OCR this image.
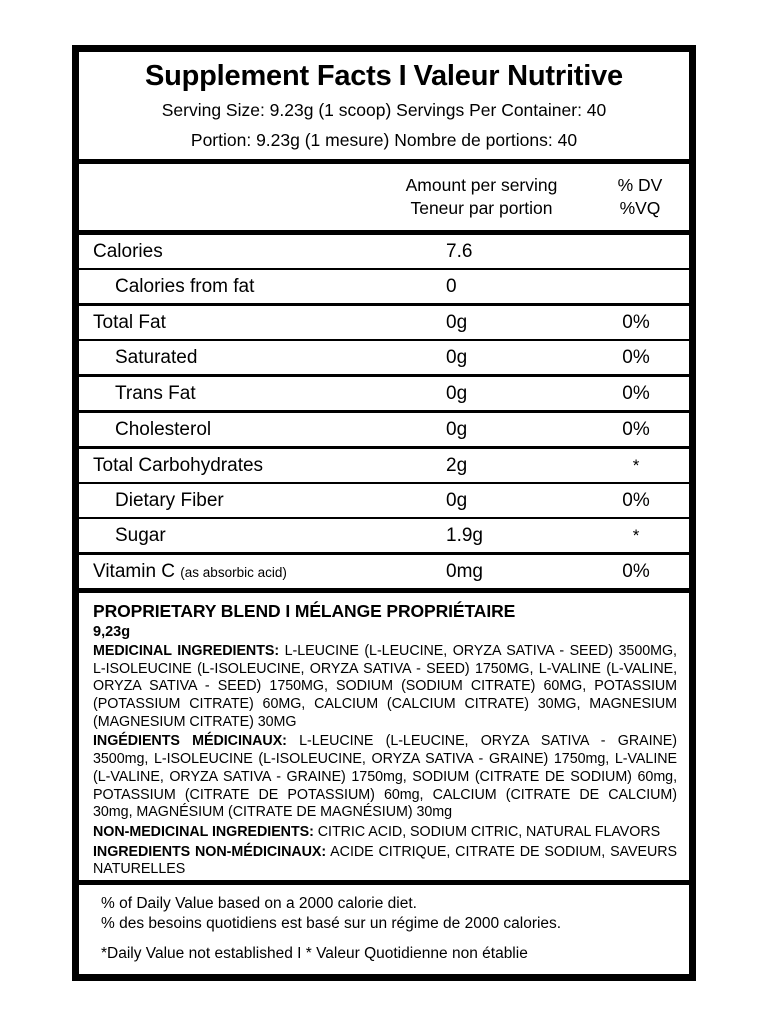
Supplement Facts I Valeur Nutritive
Serving Size: 9.23g (1 scoop) Servings Per Container: 40
Portion: 9.23g (1 mesure) Nombre de portions: 40

Amount per serving
Teneur par portion

% DV
%VQ

Calories	7.6	
Calories from fat	0	
Total Fat	0g	0%
Saturated	0g	0%
Trans Fat	0g	0%
Cholesterol	0g	0%
Total Carbohydrates	2g	*
Dietary Fiber	0g	0%
Sugar	1.9g	*
Vitamin C (as absorbic acid)	0mg	0%
PROPRIETARY BLEND I MÉLANGE PROPRIÉTAIRE
9,23g
MEDICINAL INGREDIENTS: L-LEUCINE (L-LEUCINE, ORYZA SATIVA - SEED) 3500MG, L-ISOLEUCINE (L-ISOLEUCINE, ORYZA SATIVA - SEED) 1750MG, L-VALINE (L-VALINE, ORYZA SATIVA - SEED) 1750MG, SODIUM (SODIUM CITRATE) 60MG, POTASSIUM (POTASSIUM CITRATE) 60MG, CALCIUM (CALCIUM CITRATE) 30MG, MAGNESIUM (MAGNESIUM CITRATE) 30MG
INGÉDIENTS MÉDICINAUX: L-LEUCINE (L-LEUCINE, ORYZA SATIVA - GRAINE) 3500mg, L-ISOLEUCINE (L-ISOLEUCINE, ORYZA SATIVA - GRAINE) 1750mg, L-VALINE (L-VALINE, ORYZA SATIVA - GRAINE) 1750mg, SODIUM (CITRATE DE SODIUM) 60mg, POTASSIUM (CITRATE DE POTASSIUM) 60mg, CALCIUM (CITRATE DE CALCIUM) 30mg, MAGNÉSIUM (CITRATE DE MAGNÉSIUM) 30mg
NON-MEDICINAL INGREDIENTS: CITRIC ACID, SODIUM CITRIC, NATURAL FLAVORS
INGREDIENTS NON-MÉDICINAUX: ACIDE CITRIQUE, CITRATE DE SODIUM, SAVEURS NATURELLES
% of Daily Value based on a 2000 calorie diet.
% des besoins quotidiens est basé sur un régime de 2000 calories.
*Daily Value not established I * Valeur Quotidienne non établie
